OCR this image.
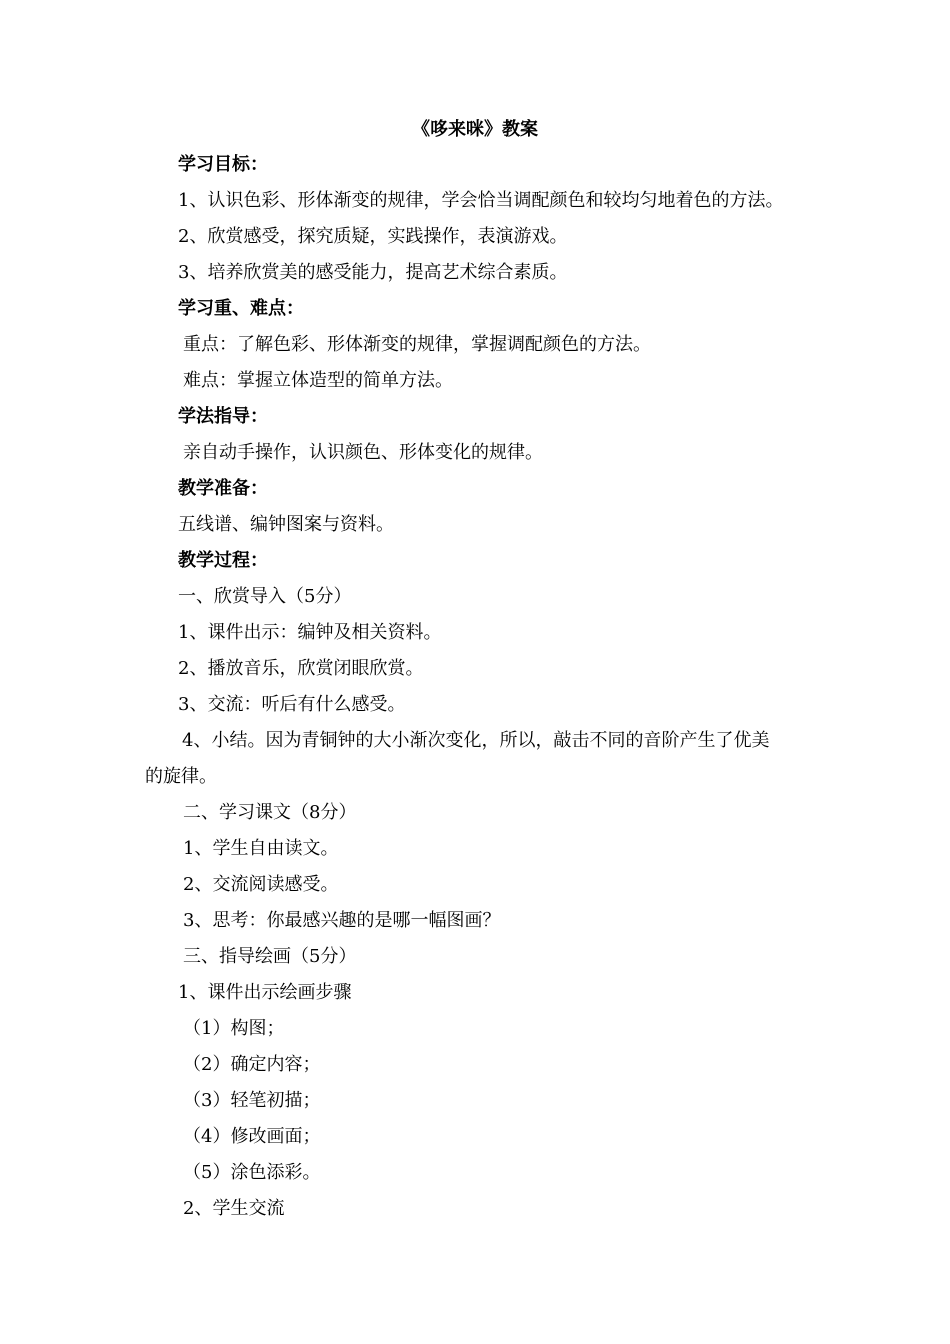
《哆来咪》教案
学习目标：
1、认识色彩、形体渐变的规律，学会恰当调配颜色和较均匀地着色的方法。
2、欣赏感受，探究质疑，实践操作，表演游戏。
3、培养欣赏美的感受能力，提高艺术综合素质。
学习重、难点：
重点：了解色彩、形体渐变的规律，掌握调配颜色的方法。
难点：掌握立体造型的简单方法。
学法指导：
亲自动手操作，认识颜色、形体变化的规律。
教学准备：
五线谱、编钟图案与资料。
教学过程：
一、欣赏导入（5分）
1、课件出示：编钟及相关资料。
2、播放音乐，欣赏闭眼欣赏。
3、交流：听后有什么感受。
4、小结。因为青铜钟的大小渐次变化，所以，敲击不同的音阶产生了优美
的旋律。
二、学习课文（8分）
1、学生自由读文。
2、交流阅读感受。
3、思考：你最感兴趣的是哪一幅图画？
三、指导绘画（5分）
1、课件出示绘画步骤
（1）构图；
（2）确定内容；
（3）轻笔初描；
（4）修改画面；
（5）涂色添彩。
2、学生交流
